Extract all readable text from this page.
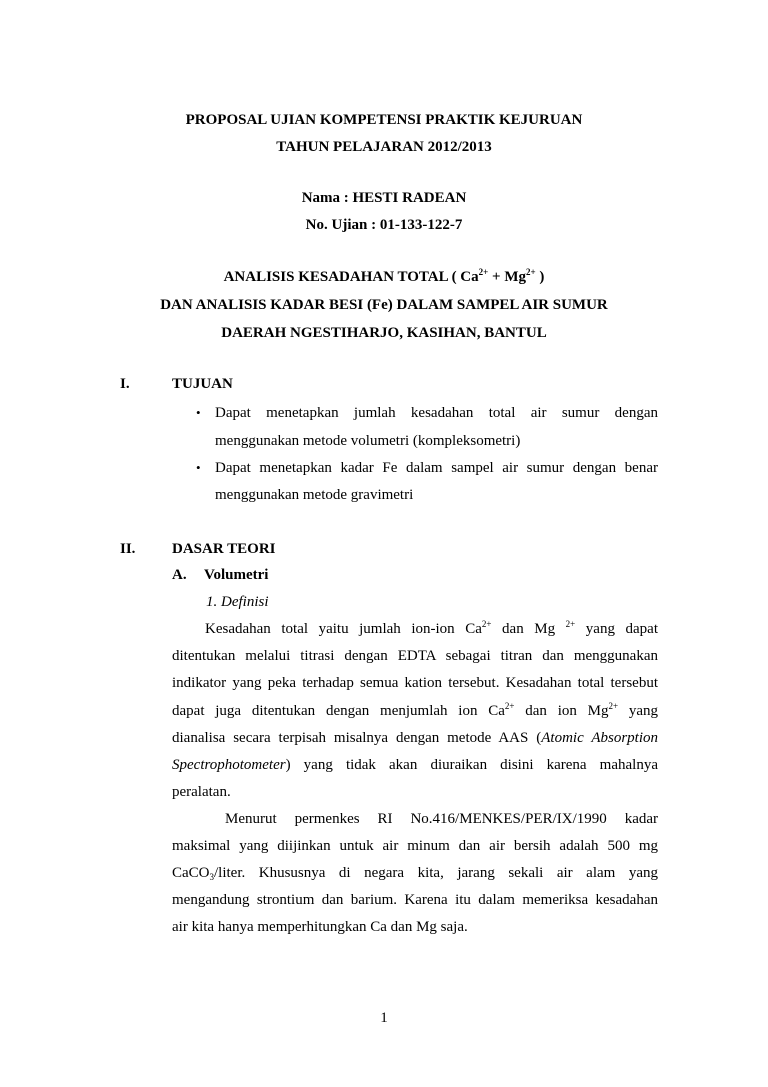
PROPOSAL UJIAN KOMPETENSI PRAKTIK KEJURUAN
TAHUN PELAJARAN 2012/2013
Nama : HESTI RADEAN
No. Ujian : 01-133-122-7
ANALISIS KESADAHAN TOTAL ( $Ca^{2+} + Mg^{2+}$ )
DAN ANALISIS KADAR BESI (Fe) DALAM SAMPEL AIR SUMUR
DAERAH NGESTIHARJO, KASIHAN, BANTUL
I.	TUJUAN
• Dapat menetapkan jumlah kesadahan total air sumur dengan
menggunakan metode volumetri (kompleksometri)
• Dapat menetapkan kadar Fe dalam sampel air sumur dengan benar
menggunakan metode gravimetri
II. DASAR TEORI
A. Volumetri
1. Definisi
Kesadahan total yaitu jumlah ion-ion $Ca^{2+}$ dan Mg $^{2+}$ yang dapat
ditentukan melalui titrasi dengan EDTA sebagai titran dan menggunakan
indikator yang peka terhadap semua kation tersebut. Kesadahan total tersebut
dapat juga ditentukan dengan menjumlah ion $Ca^{2+}$ dan ion $Mg^{2+}$ yang
dianalisa secara terpisah misalnya dengan metode AAS (Atomic Absorption
Spectrophotometer) yang tidak akan diuraikan disini karena mahalnya
peralatan.
Menurut permenkes RI No.416/MENKES/PER/IX/1990 kadar
maksimal yang diijinkan untuk air minum dan air bersih adalah 500 mg
CaCO$_3$/liter. Khususnya di negara kita, jarang sekali air alam yang
mengandung strontium dan barium. Karena itu dalam memeriksa kesadahan
air kita hanya memperhitungkan Ca dan Mg saja.
1
